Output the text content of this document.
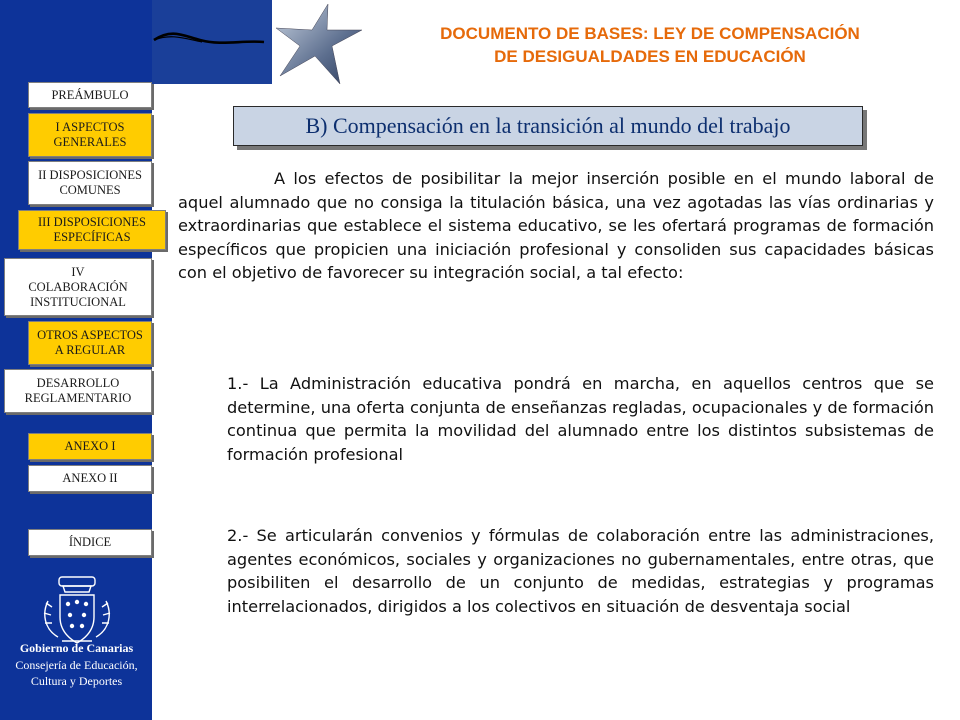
DOCUMENTO DE BASES: LEY DE COMPENSACIÓN
DE DESIGUALDADES EN EDUCACIÓN
PREÁMBULO
I ASPECTOS
GENERALES
II DISPOSICIONES
COMUNES
III DISPOSICIONES
ESPECÍFICAS
IV
COLABORACIÓN
INSTITUCIONAL
OTROS ASPECTOS
A REGULAR
DESARROLLO
REGLAMENTARIO
ANEXO I
ANEXO II
ÍNDICE
Gobierno de Canarias
Consejería de Educación,
Cultura y Deportes
B) Compensación en la transición al mundo del trabajo
A los efectos de posibilitar la mejor inserción posible en el mundo laboral de aquel alumnado que no consiga la titulación básica, una vez agotadas las vías ordinarias y extraordinarias que establece el sistema educativo, se les ofertará programas de formación específicos que propicien una iniciación profesional y consoliden sus capacidades básicas con el objetivo de favorecer su integración social, a tal efecto:
1.- La Administración educativa pondrá en marcha, en aquellos centros que se determine, una oferta conjunta de enseñanzas regladas, ocupacionales y de formación continua que permita la movilidad del alumnado entre los distintos subsistemas de formación profesional
2.- Se articularán convenios y fórmulas de colaboración entre las administraciones, agentes económicos, sociales y organizaciones no gubernamentales, entre otras, que posibiliten el desarrollo de un conjunto de medidas, estrategias y programas interrelacionados, dirigidos a los colectivos en situación de desventaja social
